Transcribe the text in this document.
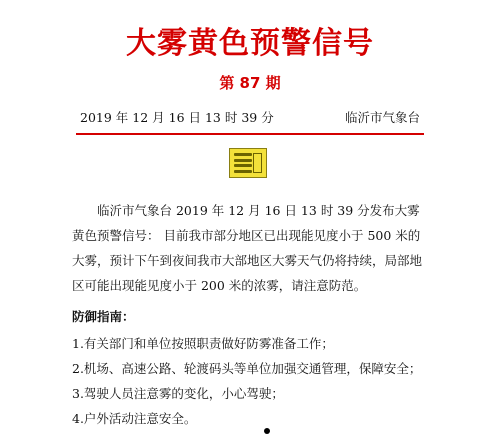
大雾黄色预警信号
第 87 期
2019 年 12 月 16 日 13 时 39 分	临沂市气象台

临沂市气象台 2019 年 12 月 16 日 13 时 39 分发布大雾黄色预警信号： 目前我市部分地区已出现能见度小于 500 米的大雾，预计下午到夜间我市大部地区大雾天气仍将持续，局部地区可能出现能见度小于 200 米的浓雾，请注意防范。

防御指南：
1.有关部门和单位按照职责做好防雾准备工作；
2.机场、高速公路、轮渡码头等单位加强交通管理，保障安全；
3.驾驶人员注意雾的变化，小心驾驶；
4.户外活动注意安全。
